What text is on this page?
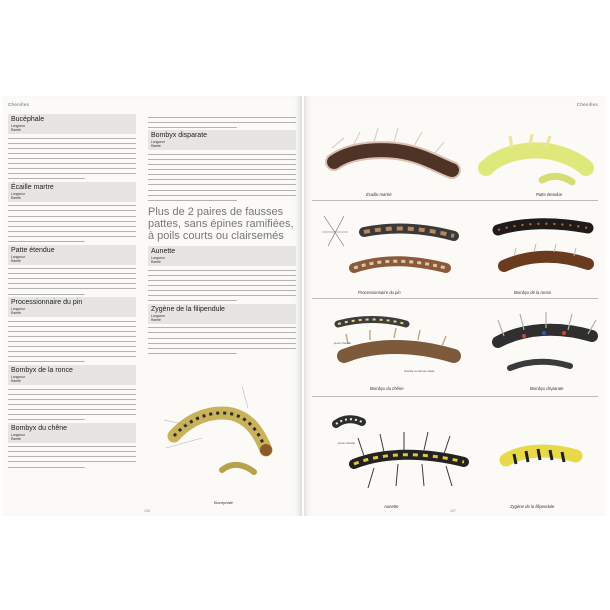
Chenilles
Bucéphale
Longueur
Rareté
Écaille martre
Longueur
Rareté
Patte étendue
Longueur
Rareté
Processionnaire du pin
Longueur
Rareté
Bombyx de la ronce
Longueur
Rareté
Bombyx du chêne
Longueur
Rareté
Bombyx disparate
Longueur
Rareté
Plus de 2 paires de fausses pattes, sans épines ramifiées, à poils courts ou clairsemés
Aunette
Longueur
Rareté
Zygène de la filipendule
Longueur
Rareté
Bucéphale
126
Chenilles
Écaille martre	Patte étendue
Processionnaire du pin	Bombyx de la ronce
jeune chenille
chenille au dernier stade
Bombyx du chêne	Bombyx disparate
jeune chenille
Aunette	Zygène de la filipendule
127
